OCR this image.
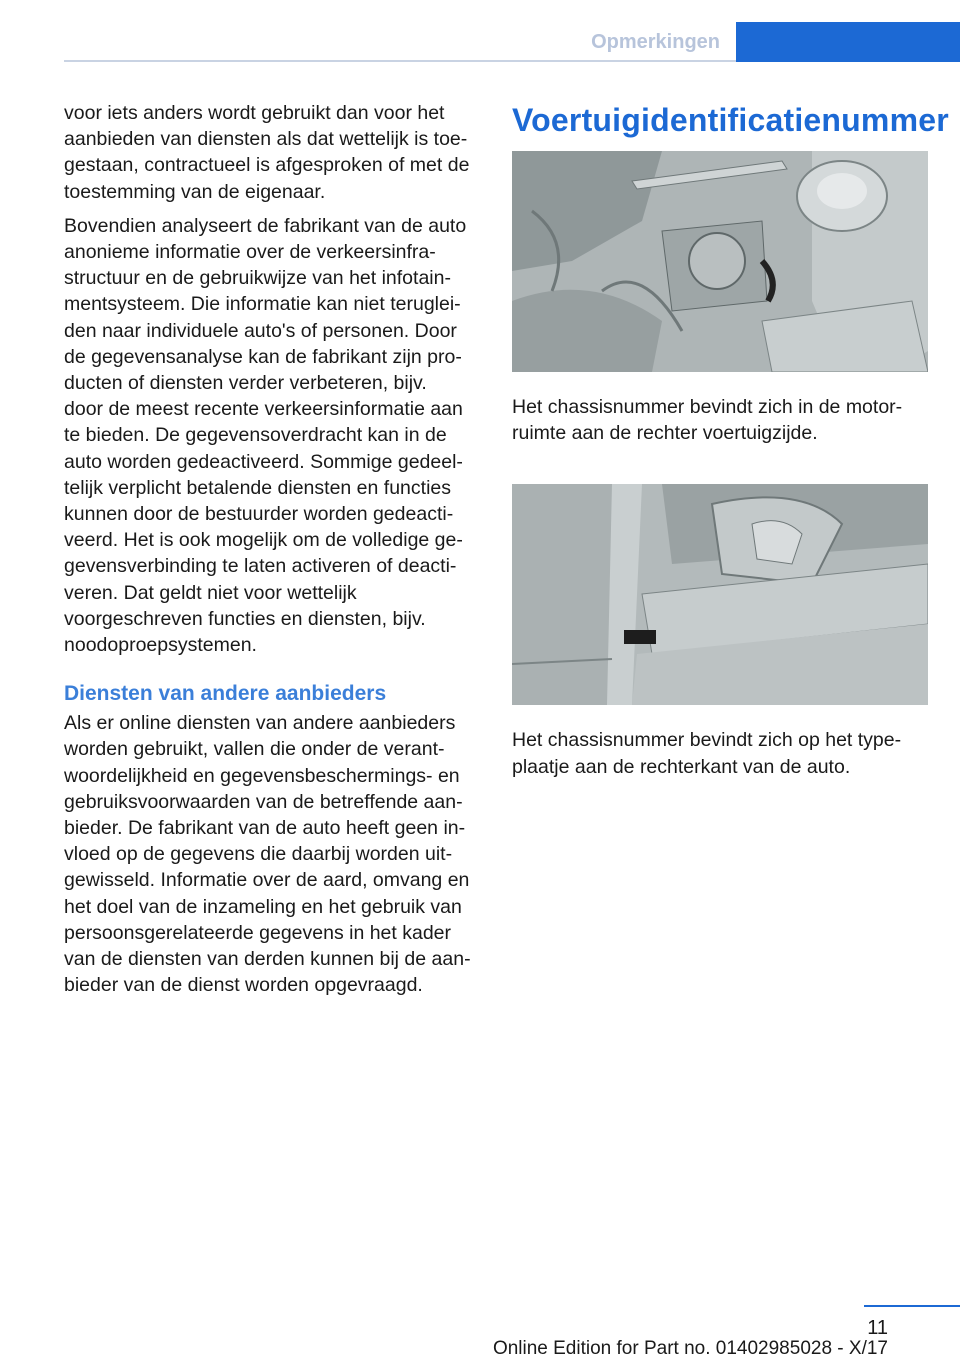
Opmerkingen

voor iets anders wordt gebruikt dan voor het
aanbieden van diensten als dat wettelijk is toe‐
gestaan, contractueel is afgesproken of met de
toestemming van de eigenaar.

Bovendien analyseert de fabrikant van de auto
anonieme informatie over de verkeersinfra‐
structuur en de gebruikwijze van het infotain‐
mentsysteem. Die informatie kan niet teruglei‐
den naar individuele auto's of personen. Door
de gegevensanalyse kan de fabrikant zijn pro‐
ducten of diensten verder verbeteren, bijv.
door de meest recente verkeersinformatie aan
te bieden. De gegevensoverdracht kan in de
auto worden gedeactiveerd. Sommige gedeel‐
telijk verplicht betalende diensten en functies
kunnen door de bestuurder worden gedeacti‐
veerd. Het is ook mogelijk om de volledige ge‐
gevensverbinding te laten activeren of deacti‐
veren. Dat geldt niet voor wettelijk
voorgeschreven functies en diensten, bijv.
noodoproepsystemen.

Diensten van andere aanbieders

Als er online diensten van andere aanbieders
worden gebruikt, vallen die onder de verant‐
woordelijkheid en gegevensbeschermings- en
gebruiksvoorwaarden van de betreffende aan‐
bieder. De fabrikant van de auto heeft geen in‐
vloed op de gegevens die daarbij worden uit‐
gewisseld. Informatie over de aard, omvang en
het doel van de inzameling en het gebruik van
persoonsgerelateerde gegevens in het kader
van de diensten van derden kunnen bij de aan‐
bieder van de dienst worden opgevraagd.

Voertuigidentificatienummer

Het chassisnummer bevindt zich in de motor‐
ruimte aan de rechter voertuigzijde.

Het chassisnummer bevindt zich op het type‐
plaatje aan de rechterkant van de auto.

11
Online Edition for Part no. 01402985028 - X/17
